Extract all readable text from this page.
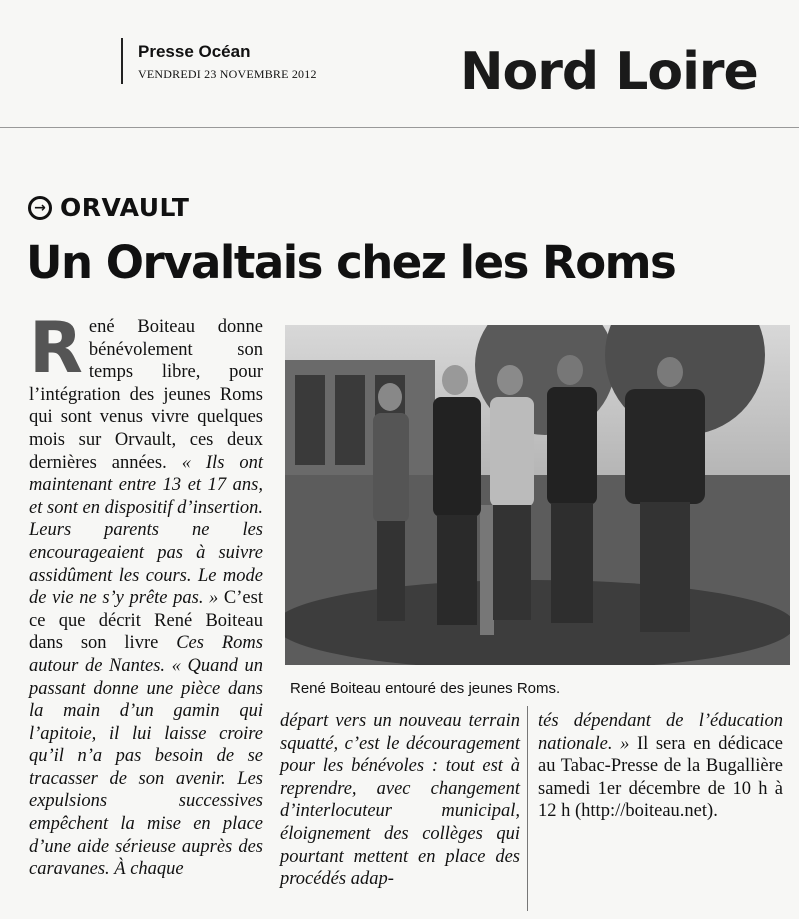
Presse Océan
VENDREDI 23 NOVEMBRE 2012	Nord Loire
→ ORVAULT
Un Orvaltais chez les Roms
R ené Boiteau donne bénévolement son temps libre, pour l’intégration des jeunes Roms qui sont venus vivre quelques mois sur Orvault, ces deux dernières années. « Ils ont maintenant entre 13 et 17 ans, et sont en dispositif d’insertion. Leurs parents ne les encourageaient pas à suivre assidûment les cours. Le mode de vie ne s’y prête pas. » C’est ce que décrit René Boiteau dans son livre Ces Roms autour de Nantes. « Quand un passant donne une pièce dans la main d’un gamin qui l’apitoie, il lui laisse croire qu’il n’a pas besoin de se tracasser de son avenir. Les expulsions successives empêchent la mise en place d’une aide sérieuse auprès des caravanes. À chaque
René Boiteau entouré des jeunes Roms.
départ vers un nouveau terrain squatté, c’est le découragement pour les bénévoles : tout est à reprendre, avec changement d’interlocuteur municipal, éloignement des collèges qui pourtant mettent en place des procédés adap-
tés dépendant de l’éducation nationale. » Il sera en dédicace au Tabac-Presse de la Bugallière samedi 1er décembre de 10 h à 12 h (http://boiteau.net).
